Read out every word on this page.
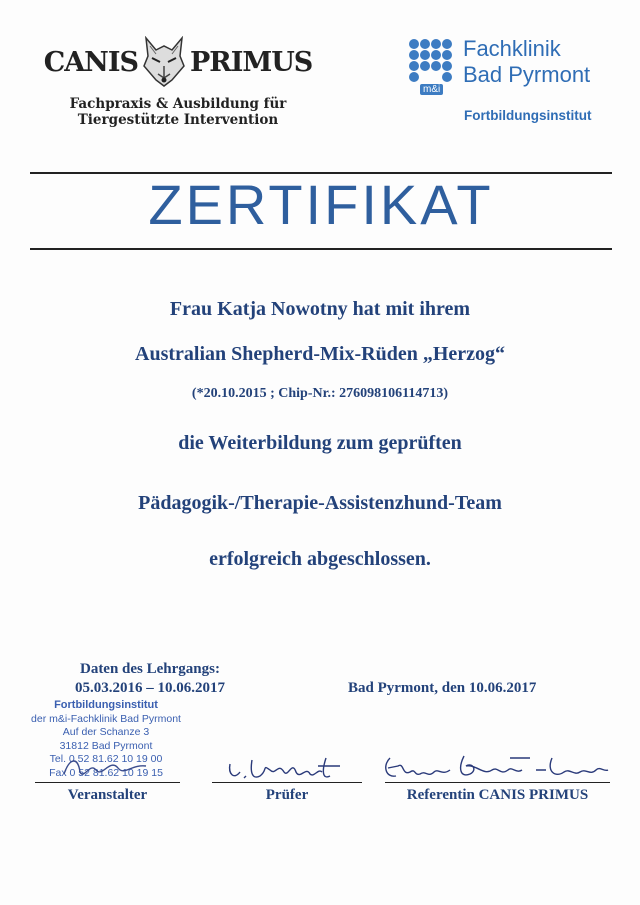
CANIS PRIMUS
Fachpraxis & Ausbildung für
Tiergestützte Intervention
m&i
Fachklinik
Bad Pyrmont
Fortbildungsinstitut
ZERTIFIKAT
Frau Katja Nowotny hat mit ihrem
Australian Shepherd-Mix-Rüden „Herzog“
(*20.10.2015 ; Chip-Nr.: 276098106114713)
die Weiterbildung zum geprüften
Pädagogik-/Therapie-Assistenzhund-Team
erfolgreich abgeschlossen.
Daten des Lehrgangs:
05.03.2016 – 10.06.2017	Bad Pyrmont, den 10.06.2017
Fortbildungsinstitut
der m&i-Fachklinik Bad Pyrmont
Auf der Schanze 3
31812 Bad Pyrmont
Tel. 0 52 81.62 10 19 00
Fax 0 52 81.62 10 19 15
Veranstalter	Prüfer	Referentin CANIS PRIMUS
